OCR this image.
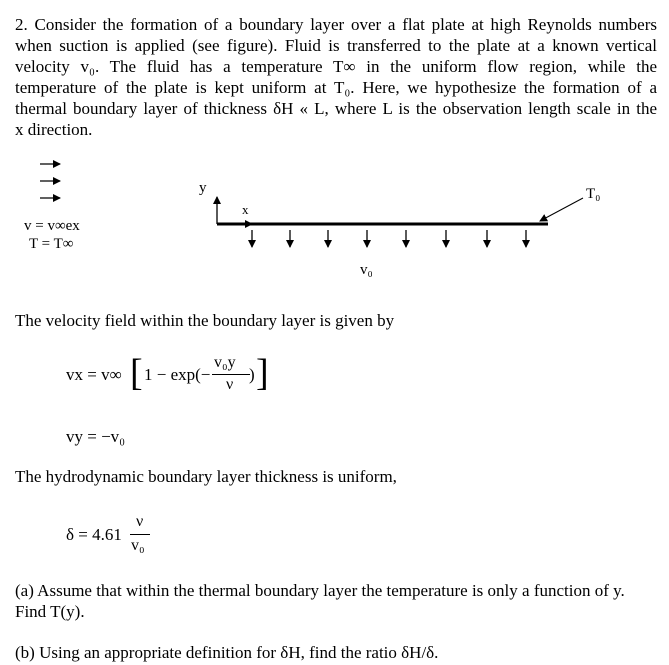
2. Consider the formation of a boundary layer over a flat plate at high Reynolds numbers
when suction is applied (see figure). Fluid is transferred to the plate at a known vertical
velocity v₀. The fluid has a temperature T∞ in the uniform flow region, while the
temperature of the plate is kept uniform at T₀. Here, we hypothesize the formation of a
thermal boundary layer of thickness δH « L, where L is the observation length scale in the
x direction.
v = v∞ex
T = T∞
y
x
T₀
v₀
The velocity field within the boundary layer is given by
vx = v∞ [ 1 − exp(−
v₀y
ν
) ]
vy = −v₀
The hydrodynamic boundary layer thickness is uniform,
δ = 4.61
ν
v₀
(a) Assume that within the thermal boundary layer the temperature is only a function of y.
Find T(y).
(b) Using an appropriate definition for δH, find the ratio δH/δ.
